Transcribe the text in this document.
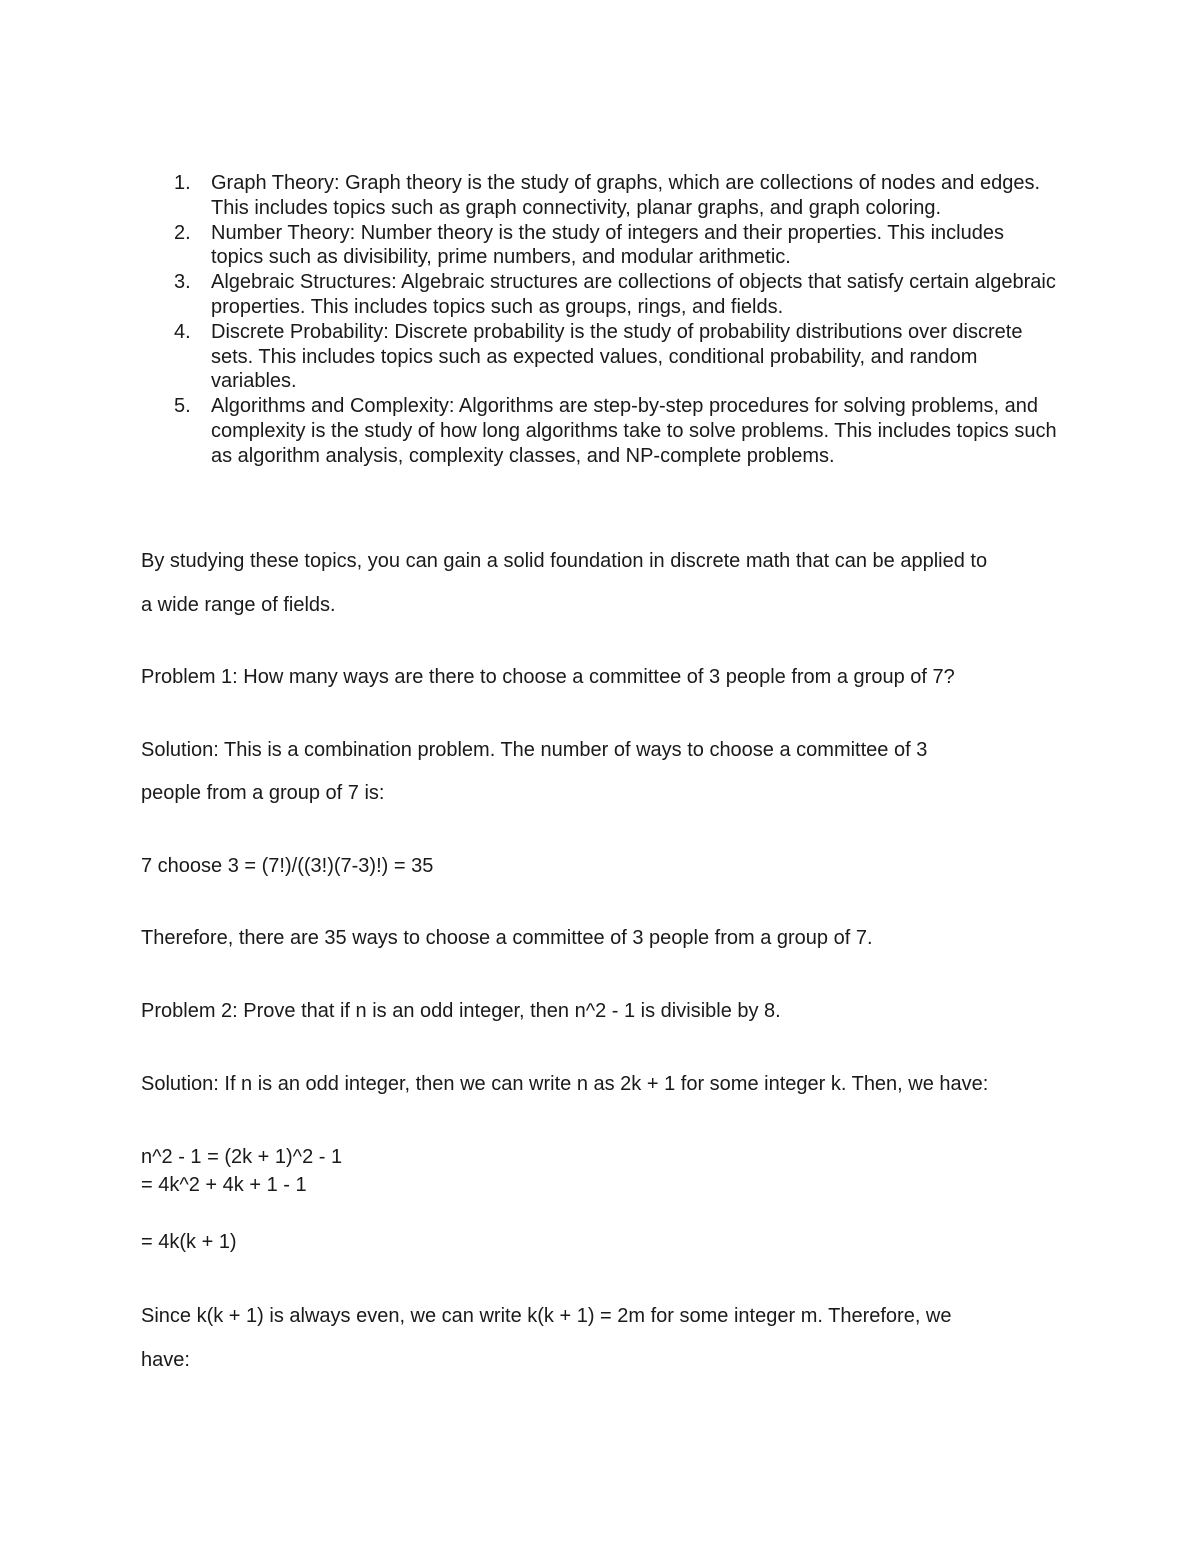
1.	Graph Theory: Graph theory is the study of graphs, which are collections of nodes and edges. This includes topics such as graph connectivity, planar graphs, and graph coloring.
2.	Number Theory: Number theory is the study of integers and their properties. This includes topics such as divisibility, prime numbers, and modular arithmetic.
3.	Algebraic Structures: Algebraic structures are collections of objects that satisfy certain algebraic properties. This includes topics such as groups, rings, and fields.
4.	Discrete Probability: Discrete probability is the study of probability distributions over discrete sets. This includes topics such as expected values, conditional probability, and random variables.
5.	Algorithms and Complexity: Algorithms are step-by-step procedures for solving problems, and complexity is the study of how long algorithms take to solve problems. This includes topics such as algorithm analysis, complexity classes, and NP-complete problems.

By studying these topics, you can gain a solid foundation in discrete math that can be applied to

a wide range of fields.

Problem 1: How many ways are there to choose a committee of 3 people from a group of 7?

Solution: This is a combination problem. The number of ways to choose a committee of 3

people from a group of 7 is:

7 choose 3 = (7!)/((3!)(7-3)!) = 35

Therefore, there are 35 ways to choose a committee of 3 people from a group of 7.

Problem 2: Prove that if n is an odd integer, then n^2 - 1 is divisible by 8.

Solution: If n is an odd integer, then we can write n as 2k + 1 for some integer k. Then, we have:

n^2 - 1 = (2k + 1)^2 - 1

= 4k^2 + 4k + 1 - 1

= 4k(k + 1)

Since k(k + 1) is always even, we can write k(k + 1) = 2m for some integer m. Therefore, we

have:
